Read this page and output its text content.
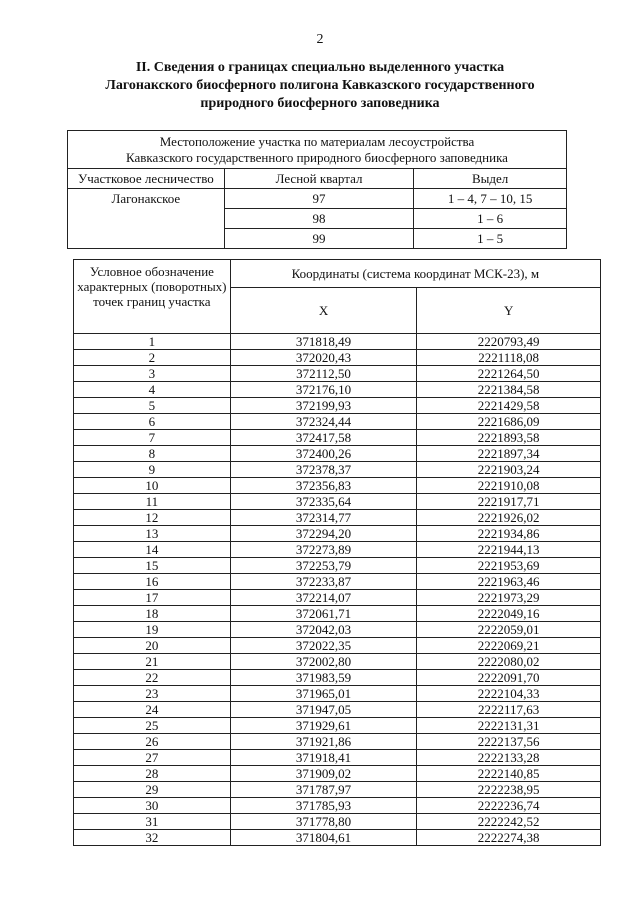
2
II. Сведения о границах специально выделенного участка
Лагонакского биосферного полигона Кавказского государственного
природного биосферного заповедника
Местоположение участка по материалам лесоустройства
Кавказского государственного природного биосферного заповедника		

Участковое лесничество	Лесной квартал	Выдел
Лагонакское	97	1 – 4, 7 – 10, 15
	98	1 – 6
	99	1 – 5
Условное обозначение характерных (поворотных) точек границ участка	Координаты (система координат МСК-23), м	
	X	Y
1	371818,49	2220793,49
2	372020,43	2221118,08
3	372112,50	2221264,50
4	372176,10	2221384,58
5	372199,93	2221429,58
6	372324,44	2221686,09
7	372417,58	2221893,58
8	372400,26	2221897,34
9	372378,37	2221903,24
10	372356,83	2221910,08
11	372335,64	2221917,71
12	372314,77	2221926,02
13	372294,20	2221934,86
14	372273,89	2221944,13
15	372253,79	2221953,69
16	372233,87	2221963,46
17	372214,07	2221973,29
18	372061,71	2222049,16
19	372042,03	2222059,01
20	372022,35	2222069,21
21	372002,80	2222080,02
22	371983,59	2222091,70
23	371965,01	2222104,33
24	371947,05	2222117,63
25	371929,61	2222131,31
26	371921,86	2222137,56
27	371918,41	2222133,28
28	371909,02	2222140,85
29	371787,97	2222238,95
30	371785,93	2222236,74
31	371778,80	2222242,52
32	371804,61	2222274,38
